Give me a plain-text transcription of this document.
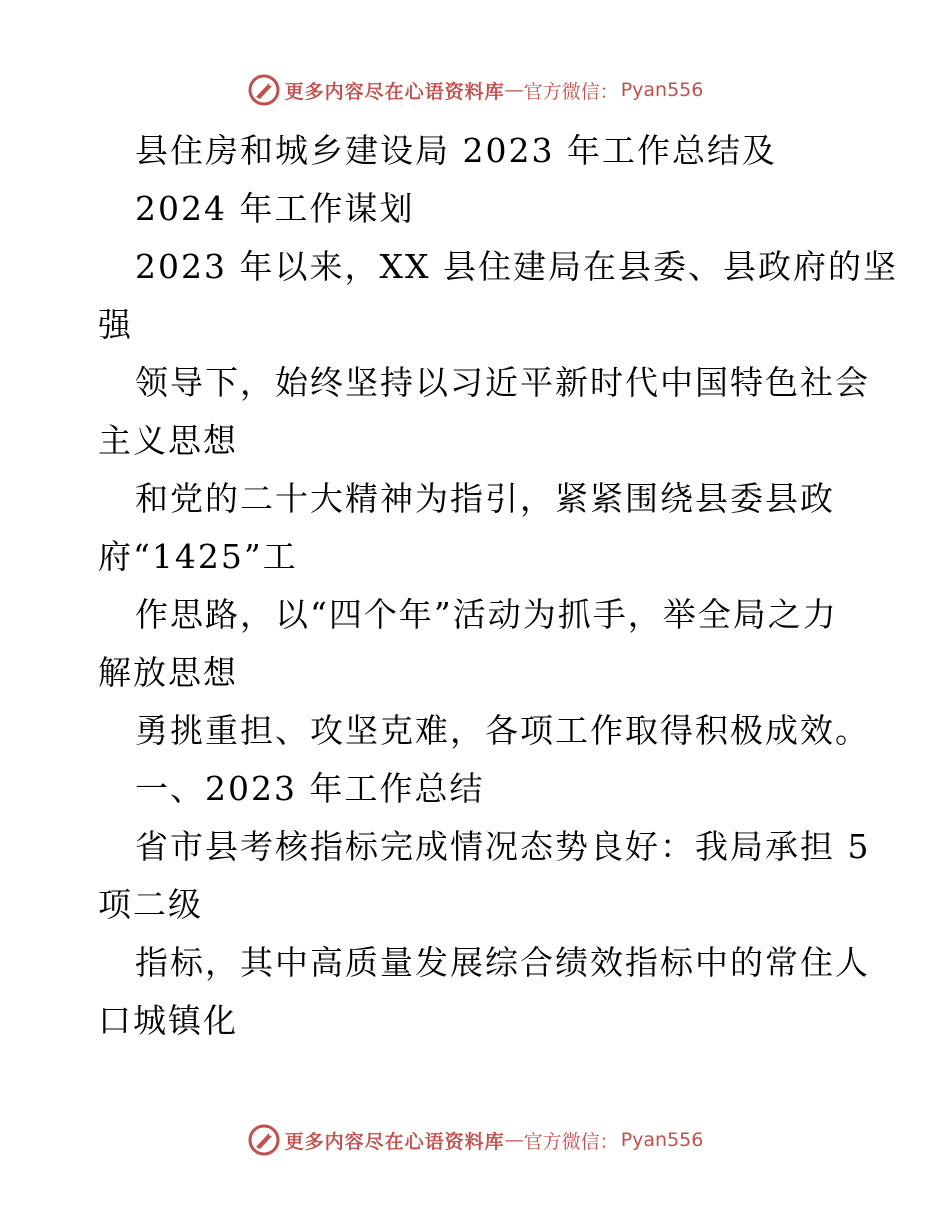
更多内容尽在心语资料库 — 官方微信： Pyan556
县住房和城乡建设局 2023 年工作总结及
2024 年工作谋划
2023 年以来，XX 县住建局在县委、县政府的坚
强
领导下，始终坚持以习近平新时代中国特色社会
主义思想
和党的二十大精神为指引，紧紧围绕县委县政
府“1425”工
作思路，以“四个年”活动为抓手，举全局之力
解放思想
勇挑重担、攻坚克难，各项工作取得积极成效。
一、2023 年工作总结
省市县考核指标完成情况态势良好：我局承担 5
项二级
指标，其中高质量发展综合绩效指标中的常住人
口城镇化
更多内容尽在心语资料库 — 官方微信： Pyan556
